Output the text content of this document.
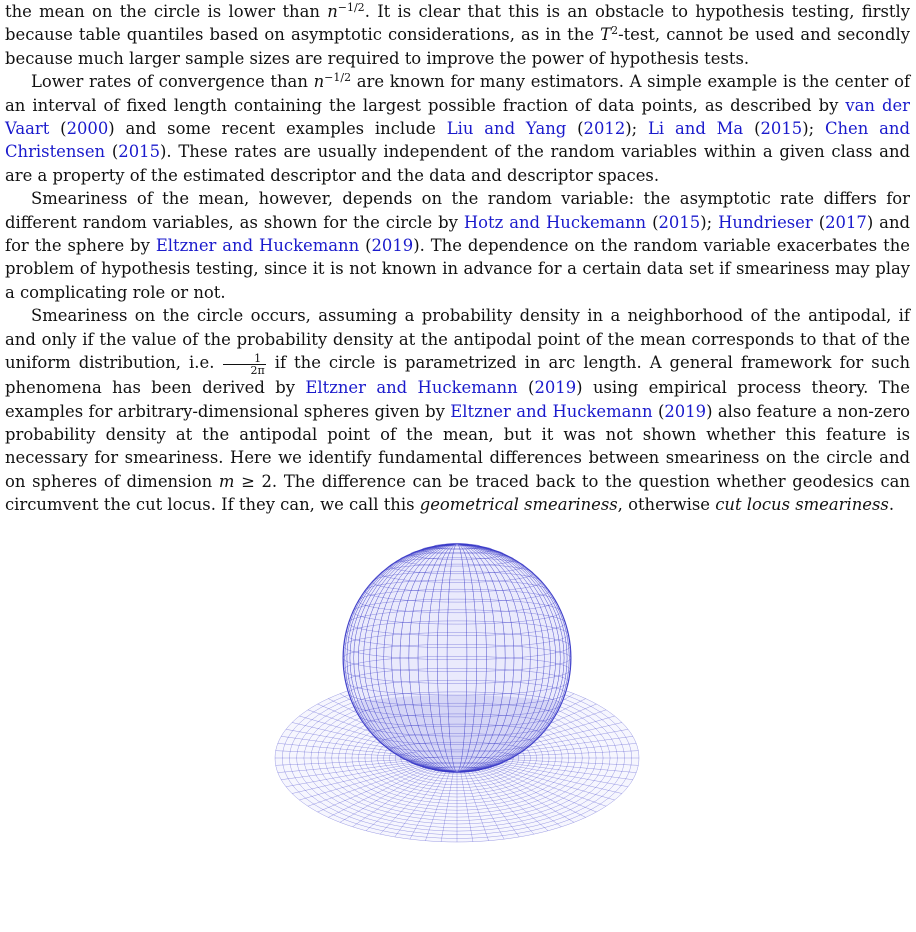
the mean on the circle is lower than $n^{-1/2}$. It is clear that this is an obstacle to hypothesis testing, firstly because table quantiles based on asymptotic considerations, as in the $T^2$-test, cannot be used and secondly because much larger sample sizes are required to improve the power of hypothesis tests.

Lower rates of convergence than $n^{-1/2}$ are known for many estimators. A simple example is the center of an interval of fixed length containing the largest possible fraction of data points, as described by van der Vaart (2000) and some recent examples include Liu and Yang (2012); Li and Ma (2015); Chen and Christensen (2015). These rates are usually independent of the random variables within a given class and are a property of the estimated descriptor and the data and descriptor spaces.

Smeariness of the mean, however, depends on the random variable: the asymptotic rate differs for different random variables, as shown for the circle by Hotz and Huckemann (2015); Hundrieser (2017) and for the sphere by Eltzner and Huckemann (2019). The dependence on the random variable exacerbates the problem of hypothesis testing, since it is not known in advance for a certain data set if smeariness may play a complicating role or not.

Smeariness on the circle occurs, assuming a probability density in a neighborhood of the antipodal, if and only if the value of the probability density at the antipodal point of the mean corresponds to that of the uniform distribution, i.e. $\frac{1}{2\pi}$ if the circle is parametrized in arc length. A general framework for such phenomena has been derived by Eltzner and Huckemann (2019) using empirical process theory. The examples for arbitrary-dimensional spheres given by Eltzner and Huckemann (2019) also feature a non-zero probability density at the antipodal point of the mean, but it was not shown whether this feature is necessary for smeariness. Here we identify fundamental differences between smeariness on the circle and on spheres of dimension m ≥ 2. The difference can be traced back to the question whether geodesics can circumvent the cut locus. If they can, we call this geometrical smeariness, otherwise cut locus smeariness.
